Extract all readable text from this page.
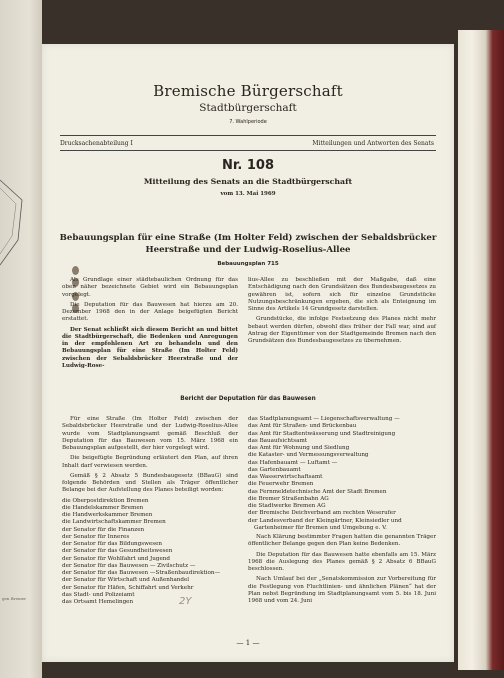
gen Bremer
Bremische Bürgerschaft
Stadtbürgerschaft
7. Wahlperiode
Drucksachenabteilung I	Mitteilungen und Antworten des Senats
Nr. 108
Mitteilung des Senats an die Stadtbürgerschaft
vom 13. Mai 1969
Bebauungsplan für eine Straße (Im Holter Feld) zwischen der Sebaldsbrücker
Heerstraße und der Ludwig-Roselius-Allee
Bebauungsplan 715

Als Grundlage einer städtebaulichen Ordnung für das oben näher bezeichnete Gebiet wird ein Bebauungsplan vorgelegt.

Die Deputation für das Bauwesen hat hierzu am 20. Dezember 1968 den in der Anlage beigefügten Bericht erstattet.

Der Senat schließt sich diesem Bericht an und bittet die Stadtbürgerschaft, die Bedenken und Anregungen in der empfohlenen Art zu behandeln und den Bebauungsplan für eine Straße (Im Holter Feld) zwischen der Sebaldsbrücker Heerstraße und der Ludwig-Rose-

lius-Allee zu beschließen mit der Maßgabe, daß eine Entschädigung nach den Grundsätzen des Bundesbaugesetzes zu gewähren ist, sofern sich für einzelne Grundstücke Nutzungsbeschränkungen ergeben, die sich als Enteignung im Sinne des Artikels 14 Grundgesetz darstellen.

Grundstücke, die infolge Festsetzung des Planes nicht mehr bebaut werden dürfen, obwohl dies früher der Fall war, sind auf Antrag der Eigentümer von der Stadtgemeinde Bremen nach den Grundsätzen des Bundesbaugesetzes zu übernehmen.

Bericht der Deputation für das Bauwesen

Für eine Straße (Im Holter Feld) zwischen der Sebaldsbrücker Heerstraße und der Ludwig-Roselius-Allee wurde vom Stadtplanungsamt gemäß Beschluß der Deputation für das Bauwesen vom 15. März 1968 ein Bebauungsplan aufgestellt, der hier vorgelegt wird.

Die beigefügte Begründung erläutert den Plan, auf ihren Inhalt darf verwiesen werden.

Gemäß § 2 Absatz 5 Bundesbaugesetz (BBauG) sind folgende Behörden und Stellen als Träger öffentlicher Belange bei der Aufstellung des Planes beteiligt worden:

die Oberpostdirektion Bremen
die Handelskammer Bremen
die Handwerkskammer Bremen
die Landwirtschaftskammer Bremen
der Senator für die Finanzen
der Senator für Inneres
der Senator für das Bildungswesen
der Senator für das Gesundheitswesen
der Senator für Wohlfahrt und Jugend
der Senator für das Bauwesen — Zivilschutz —
der Senator für das Bauwesen —Straßenbaudirektion—
der Senator für Wirtschaft und Außenhandel
der Senator für Häfen, Schiffahrt und Verkehr
das Stadt- und Polizeiamt
das Ortsamt Hemelingen
das Stadtplanungsamt — Liegenschaftsverwaltung —
das Amt für Straßen- und Brückenbau
das Amt für Stadtentwässerung und Stadtreinigung
das Bauaufsichtsamt
das Amt für Wohnung und Siedlung
die Kataster- und Vermessungsverwaltung
das Hafenbauamt — Luftamt —
das Gartenbauamt
das Wasserwirtschaftsamt
die Feuerwehr Bremen
das Fernmeldetechnische Amt der Stadt Bremen
die Bremer Straßenbahn AG
die Stadtwerke Bremen AG
der Bremische Deichverband am rechten Weserufer
der Landesverband der Kleingärtner, Kleinsiedler und
Gartenheimer für Bremen und Umgebung e. V.

Nach Klärung bestimmter Fragen hatten die genannten Träger öffentlicher Belange gegen den Plan keine Bedenken.

Die Deputation für das Bauwesen hatte ebenfalls am 15. März 1968 die Auslegung des Planes gemäß § 2 Absatz 6 BBauG beschlossen.

Nach Umlauf bei der „Senatskommission zur Vorbereitung für die Festlegung von Fluchtlinien- und ähnlichen Plänen“ hat der Plan nebst Begründung im Stadtplanungsamt vom 5. bis 18. Juni 1968 und vom 24. Juni

2Y
— 1 —
